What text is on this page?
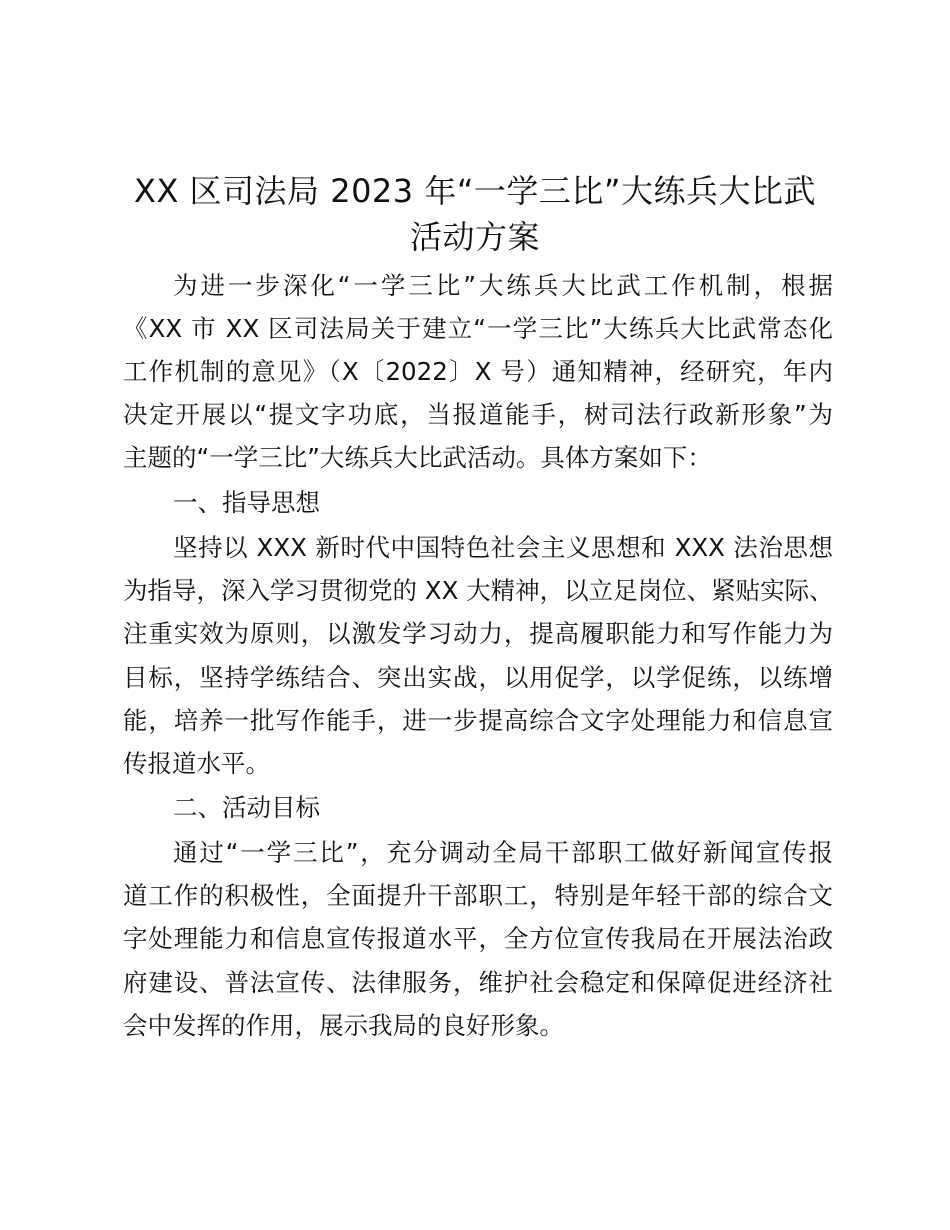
XX 区司法局 2023 年“一学三比”大练兵大比武
活动方案
为进一步深化“一学三比”大练兵大比武工作机制，根据
《XX 市 XX 区司法局关于建立“一学三比”大练兵大比武常态化
工作机制的意见》（X〔2022〕X 号）通知精神，经研究，年内
决定开展以“提文字功底，当报道能手，树司法行政新形象”为
主题的“一学三比”大练兵大比武活动。具体方案如下：
一、指导思想
坚持以 XXX 新时代中国特色社会主义思想和 XXX 法治思想
为指导，深入学习贯彻党的 XX 大精神，以立足岗位、紧贴实际、
注重实效为原则，以激发学习动力，提高履职能力和写作能力为
目标，坚持学练结合、突出实战，以用促学，以学促练，以练增
能，培养一批写作能手，进一步提高综合文字处理能力和信息宣
传报道水平。
二、活动目标
通过“一学三比”，充分调动全局干部职工做好新闻宣传报
道工作的积极性，全面提升干部职工，特别是年轻干部的综合文
字处理能力和信息宣传报道水平，全方位宣传我局在开展法治政
府建设、普法宣传、法律服务，维护社会稳定和保障促进经济社
会中发挥的作用，展示我局的良好形象。
